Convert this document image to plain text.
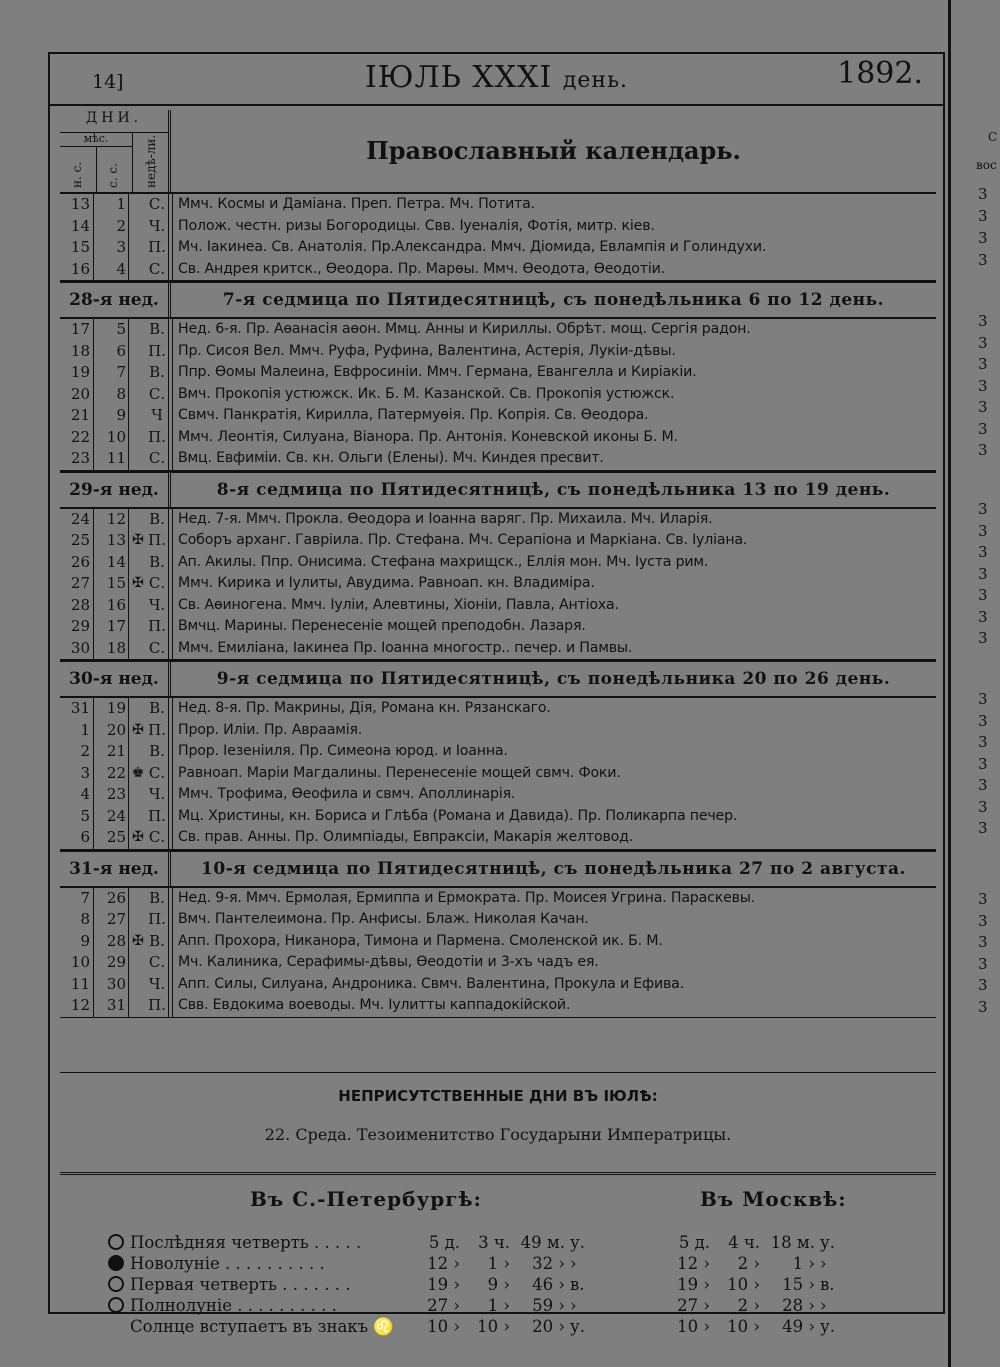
14]	ІЮЛЬ XXXI день.	1892.
ДНИ.
мѣс.
н. с. с. с. недѣ-ли.	Православный календарь.
13	1 С. Ммч. Космы и Даміана. Преп. Петра. Мч. Потита.
14	2 Ч. Полож. честн. ризы Богородицы. Свв. Іуеналія, Фотія, митр. кіев.
15	3 П. Мч. Іакинеа. Св. Анатолія. Пр.Александра. Ммч. Діомида, Евлампія и Голиндухи.
16	4 С. Св. Андрея критск., Өеодора. Пр. Марөы. Ммч. Өеодота, Өеодотіи.
28-я нед.	7-я седмица по Пятидесятницѣ, съ понедѣльника 6 по 12 день.
17	5 В. Нед. 6-я. Пр. Аөанасія аөон. Ммц. Анны и Кириллы. Обрѣт. мощ. Сергія радон.
18	6 П. Пр. Сисоя Вел. Ммч. Руфа, Руфина, Валентина, Астерія, Лукіи-дѣвы.
19	7 В. Ппр. Өомы Малеина, Евфросиніи. Ммч. Германа, Евангелла и Киріакіи.
20	8 С. Вмч. Прокопія устюжск. Ик. Б. М. Казанской. Св. Прокопія устюжск.
21	9 Ч Свмч. Панкратія, Кирилла, Патермуөія. Пр. Копрія. Св. Өеодора.
22	10 П. Ммч. Леонтія, Силуана, Віанора. Пр. Антонія. Коневской иконы Б. М.
23	11 С. Вмц. Евфиміи. Св. кн. Ольги (Елены). Мч. Киндея пресвит.
29-я нед.	8-я седмица по Пятидесятницѣ, съ понедѣльника 13 по 19 день.
24	12 В. Нед. 7-я. Ммч. Прокла. Өеодора и Іоанна варяг. Пр. Михаила. Мч. Иларія.
25	13 ✠ П. Соборъ арханг. Гавріила. Пр. Стефана. Мч. Серапіона и Маркіана. Св. Іуліана.
26	14 В. Ап. Акилы. Ппр. Онисима. Стефана махрищск., Еллія мон. Мч. Іуста рим.
27	15 ✠ С. Ммч. Кирика и Іулиты, Авудима. Равноап. кн. Владиміра.
28	16 Ч. Св. Аөиногена. Ммч. Іуліи, Алевтины, Хіоніи, Павла, Антіоха.
29	17 П. Вмчц. Марины. Перенесеніе мощей преподобн. Лазаря.
30	18 С. Ммч. Емиліана, Іакинеа Пр. Іоанна многостр.. печер. и Памвы.
30-я нед.	9-я седмица по Пятидесятницѣ, съ понедѣльника 20 по 26 день.
31	19 В. Нед. 8-я. Пр. Макрины, Дія, Романа кн. Рязанскаго.
1	20 ✠ П. Прор. Иліи. Пр. Авраамія.
2	21 В. Прор. Іезеніиля. Пр. Симеона юрод. и Іоанна.
3	22 ♚ С. Равноап. Маріи Магдалины. Перенесеніе мощей свмч. Фоки.
4	23 Ч. Ммч. Трофима, Өеофила и свмч. Аполлинарія.
5	24 П. Мц. Христины, кн. Бориса и Глѣба (Романа и Давида). Пр. Поликарпа печер.
6	25 ✠ С. Св. прав. Анны. Пр. Олимпіады, Евпраксіи, Макарія желтовод.
31-я нед.	10-я седмица по Пятидесятницѣ, съ понедѣльника 27 по 2 августа.
7	26 В. Нед. 9-я. Ммч. Ермолая, Ермиппа и Ермократа. Пр. Моисея Угрина. Параскевы.
8	27 П. Вмч. Пантелеимона. Пр. Анфисы. Блаж. Николая Качан.
9	28 ✠ В. Апп. Прохора, Никанора, Тимона и Пармена. Смоленской ик. Б. М.
10	29 С. Мч. Калиника, Серафимы-дѣвы, Өеодотіи и 3-хъ чадъ ея.
11	30 Ч. Апп. Силы, Силуана, Андроника. Свмч. Валентина, Прокула и Ефива.
12	31 П. Свв. Евдокима воеводы. Мч. Іулитты каппадокійской.
НЕПРИСУТСТВЕННЫЕ ДНИ ВЪ ІЮЛѢ:
22. Среда. Тезоименитство Государыни Императрицы.
Въ С.-Петербургѣ:	Въ Москвѣ:
Послѣдняя четверть . . . . .	5 д.	3 ч. 49 м. у.	5 д.	4 ч. 18 м. у.
Новолуніе . . . . . . . . . .	12 ›	1 ›	32 › ›	12 ›	2 ›	1 › ›
Первая четверть . . . . . . .	19 ›	9 ›	46 › в.	19 ›	10 ›	15 › в.
Полнолуніе . . . . . . . . . .	27 ›	1 ›	59 › ›	27 ›	2 ›	28 › ›
Солнце вступаетъ въ знакъ ♌	10 ›	10 ›	20 › у.	10 ›	10 ›	49 › у.
С
вос
3
3
3
3
3
3
3
3
3
3
3
3
3
3
3
3
3
3
3
3
3
3
3
3
3
3
3
3
3
3
3
